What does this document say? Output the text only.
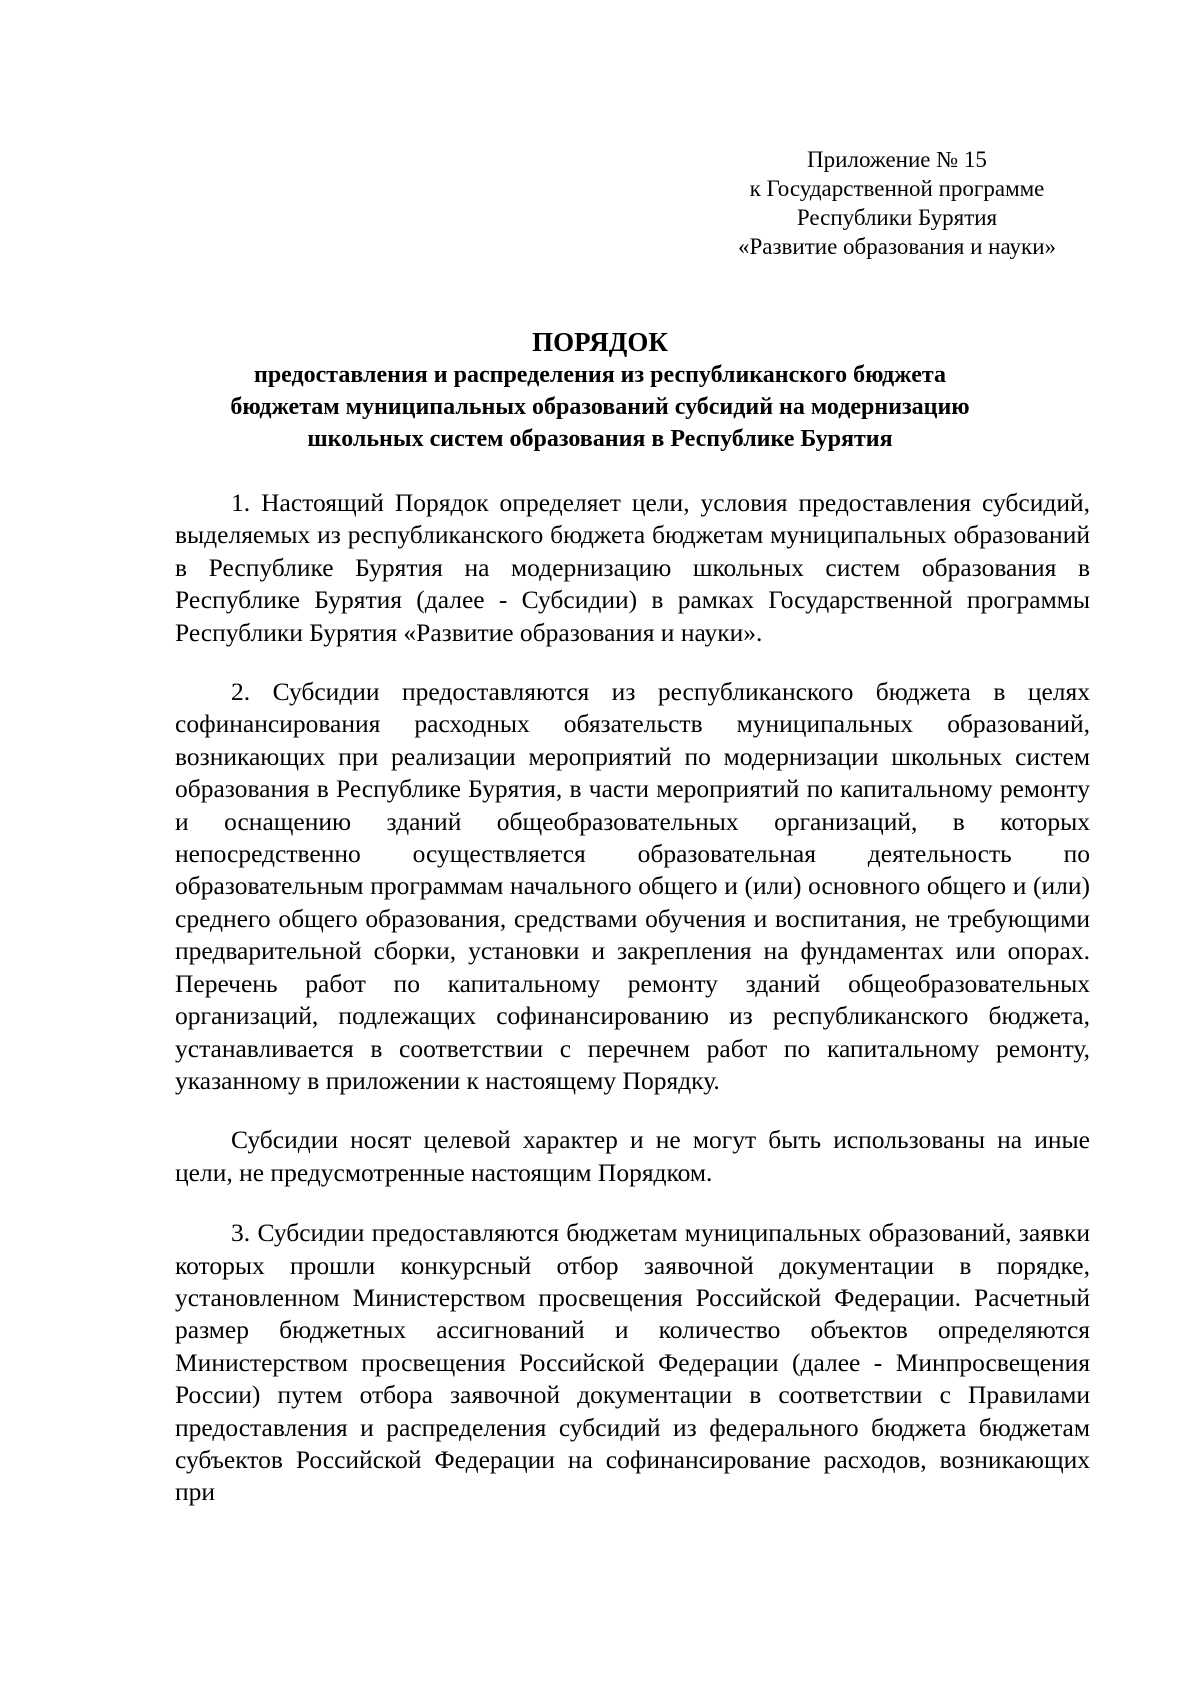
Приложение № 15
к Государственной программе
Республики Бурятия
«Развитие образования и науки»
ПОРЯДОК
предоставления и распределения из республиканского бюджета
бюджетам муниципальных образований субсидий на модернизацию
школьных систем образования в Республике Бурятия

1. Настоящий Порядок определяет цели, условия предоставления субсидий, выделяемых из республиканского бюджета бюджетам муниципальных образований в Республике Бурятия на модернизацию школьных систем образования в Республике Бурятия (далее - Субсидии) в рамках Государственной программы Республики Бурятия «Развитие образования и науки».

2. Субсидии предоставляются из республиканского бюджета в целях софинансирования расходных обязательств муниципальных образований, возникающих при реализации мероприятий по модернизации школьных систем образования в Республике Бурятия, в части мероприятий по капитальному ремонту и оснащению зданий общеобразовательных организаций, в которых непосредственно осуществляется образовательная деятельность по образовательным программам начального общего и (или) основного общего и (или) среднего общего образования, средствами обучения и воспитания, не требующими предварительной сборки, установки и закрепления на фундаментах или опорах. Перечень работ по капитальному ремонту зданий общеобразовательных организаций, подлежащих софинансированию из республиканского бюджета, устанавливается в соответствии с перечнем работ по капитальному ремонту, указанному в приложении к настоящему Порядку.

Субсидии носят целевой характер и не могут быть использованы на иные цели, не предусмотренные настоящим Порядком.

3. Субсидии предоставляются бюджетам муниципальных образований, заявки которых прошли конкурсный отбор заявочной документации в порядке, установленном Министерством просвещения Российской Федерации. Расчетный размер бюджетных ассигнований и количество объектов определяются Министерством просвещения Российской Федерации (далее - Минпросвещения России) путем отбора заявочной документации в соответствии с Правилами предоставления и распределения субсидий из федерального бюджета бюджетам субъектов Российской Федерации на софинансирование расходов, возникающих при
